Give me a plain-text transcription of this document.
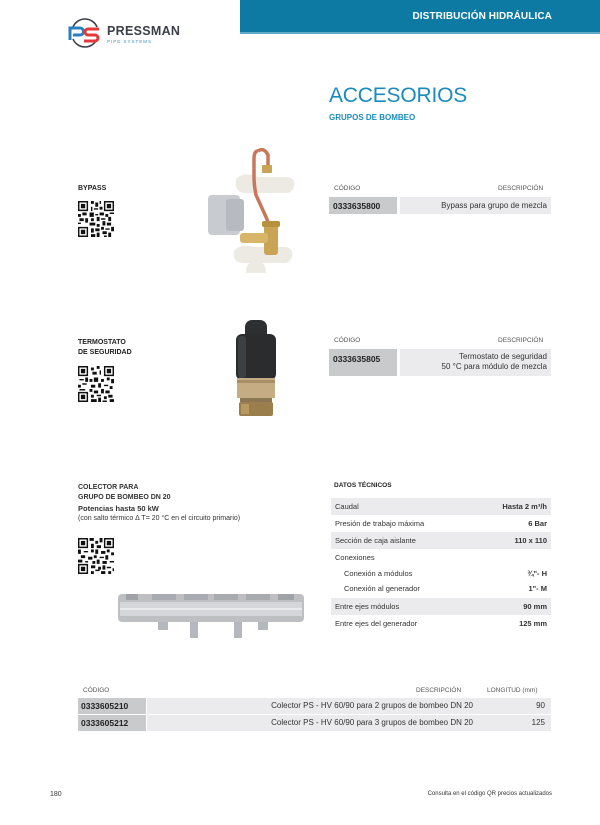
DISTRIBUCIÓN HIDRÁULICA
PRESSMAN
PIPE SYSTEMS
ACCESORIOS
GRUPOS DE BOMBEO
BYPASS	CÓDIGO	DESCRIPCIÓN
0333635800	Bypass para grupo de mezcla
TERMOSTATO
DE SEGURIDAD
CÓDIGO	DESCRIPCIÓN
0333635805	Termostato de seguridad
50 °C para módulo de mezcla
COLECTOR PARA
GRUPO DE BOMBEO DN 20
Potencias hasta 50 kW
(con salto térmico Δ T= 20 °C en el circuito primario)
DATOS TÉCNICOS
Caudal	Hasta 2 m³/h
Presión de trabajo máxima	6 Bar
Sección de caja aislante	110 x 110
Conexiones
Conexión a módulos	¾"- H
Conexión al generador	1"- M
Entre ejes módulos	90 mm
Entre ejes del generador	125 mm
CÓDIGO	DESCRIPCIÓN	LONGITUD (mm)
0333605210	Colector PS - HV 60/90 para 2 grupos de bombeo DN 20	90
0333605212	Colector PS - HV 60/90 para 3 grupos de bombeo DN 20	125
180	Consulta en el código QR precios actualizados
